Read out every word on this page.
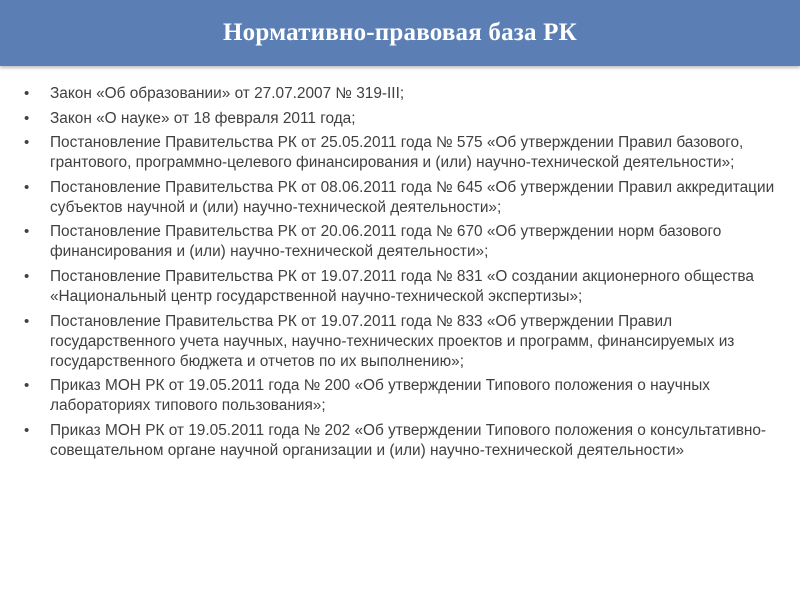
Нормативно-правовая база РК
• Закон «Об образовании» от 27.07.2007 № 319-III;
• Закон «О науке» от 18 февраля 2011 года;
• Постановление Правительства РК от 25.05.2011 года № 575 «Об утверждении Правил базового, грантового, программно-целевого финансирования и (или) научно-технической деятельности»;
• Постановление Правительства РК от 08.06.2011 года № 645 «Об утверждении Правил аккредитации субъектов научной и (или) научно-технической деятельности»;
• Постановление Правительства РК от 20.06.2011 года № 670 «Об утверждении норм базового финансирования и (или) научно-технической деятельности»;
• Постановление Правительства РК от 19.07.2011 года № 831 «О создании акционерного общества «Национальный центр государственной научно-технической экспертизы»;
• Постановление Правительства РК от 19.07.2011 года № 833 «Об утверждении Правил государственного учета научных, научно-технических проектов и программ, финансируемых из государственного бюджета и отчетов по их выполнению»;
• Приказ МОН РК от 19.05.2011 года № 200 «Об утверждении Типового положения о научных лабораториях типового пользования»;
• Приказ МОН РК от 19.05.2011 года № 202 «Об утверждении Типового положения о консультативно-совещательном органе научной организации и (или) научно-технической деятельности»
